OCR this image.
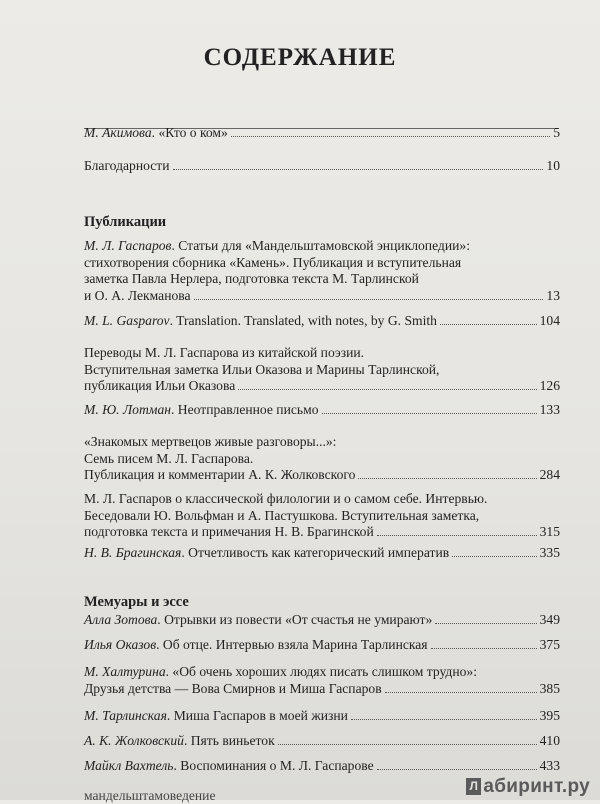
СОДЕРЖАНИЕ
М. Акимова. «Кто о ком»	5
Благодарности	10
Публикации
М. Л. Гаспаров. Статьи для «Мандельштамовской энциклопедии»:
стихотворения сборника «Камень». Публикация и вступительная
заметка Павла Нерлера, подготовка текста М. Тарлинской
и О. А. Лекманова	13
M. L. Gasparov. Translation. Translated, with notes, by G. Smith	104
Переводы М. Л. Гаспарова из китайской поэзии.
Вступительная заметка Ильи Оказова и Марины Тарлинской,
публикация Ильи Оказова	126
М. Ю. Лотман. Неотправленное письмо	133
«Знакомых мертвецов живые разговоры...»:
Семь писем М. Л. Гаспарова.
Публикация и комментарии А. К. Жолковского	284
М. Л. Гаспаров о классической филологии и о самом себе. Интервью.
Беседовали Ю. Вольфман и А. Пастушкова. Вступительная заметка,
подготовка текста и примечания Н. В. Брагинской	315
Н. В. Брагинская. Отчетливость как категорический императив	335
Мемуары и эссе
Алла Зотова. Отрывки из повести «От счастья не умирают»	349
Илья Оказов. Об отце. Интервью взяла Марина Тарлинская	375
М. Халтурина. «Об очень хороших людях писать слишком трудно»:
Друзья детства — Вова Смирнов и Миша Гаспаров	385
М. Тарлинская. Миша Гаспаров в моей жизни	395
А. К. Жолковский. Пять виньеток	410
Майкл Вахтель. Воспоминания о М. Л. Гаспарове	433
мандельштамоведение
Л абиринт.ру
